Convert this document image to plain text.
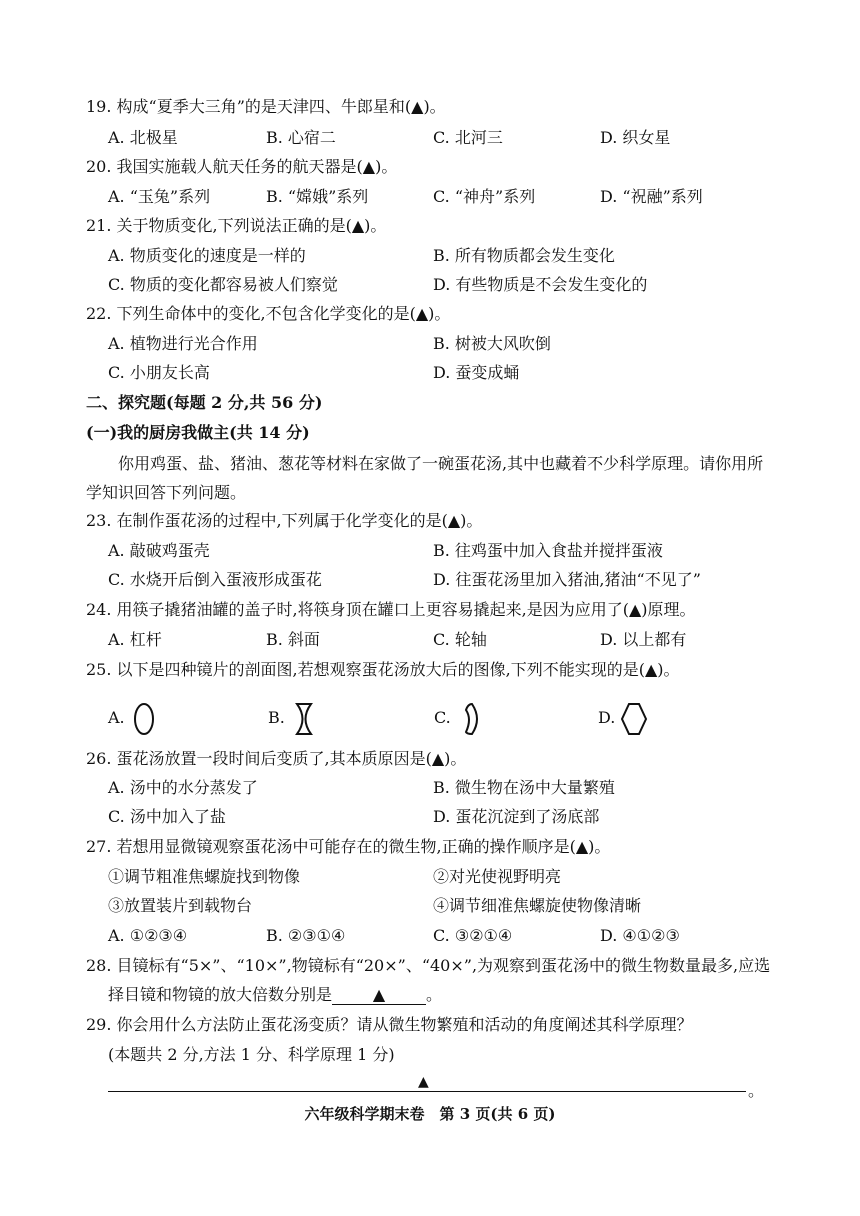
19. 构成“夏季大三角”的是天津四、牛郎星和(▲)。
A. 北极星	B. 心宿二	C. 北河三	D. 织女星
20. 我国实施载人航天任务的航天器是(▲)。
A. “玉兔”系列	B. “嫦娥”系列	C. “神舟”系列	D. “祝融”系列
21. 关于物质变化,下列说法正确的是(▲)。
A. 物质变化的速度是一样的	B. 所有物质都会发生变化
C. 物质的变化都容易被人们察觉	D. 有些物质是不会发生变化的
22. 下列生命体中的变化,不包含化学变化的是(▲)。
A. 植物进行光合作用	B. 树被大风吹倒
C. 小朋友长高	D. 蚕变成蛹
二、探究题(每题 2 分,共 56 分)
(一)我的厨房我做主(共 14 分)
你用鸡蛋、盐、猪油、葱花等材料在家做了一碗蛋花汤,其中也藏着不少科学原理。请你用所学知识回答下列问题。
23. 在制作蛋花汤的过程中,下列属于化学变化的是(▲)。
A. 敲破鸡蛋壳	B. 往鸡蛋中加入食盐并搅拌蛋液
C. 水烧开后倒入蛋液形成蛋花	D. 往蛋花汤里加入猪油,猪油“不见了”
24. 用筷子撬猪油罐的盖子时,将筷身顶在罐口上更容易撬起来,是因为应用了(▲)原理。
A. 杠杆	B. 斜面	C. 轮轴	D. 以上都有
25. 以下是四种镜片的剖面图,若想观察蛋花汤放大后的图像,下列不能实现的是(▲)。
A.	B.	C.	D.
26. 蛋花汤放置一段时间后变质了,其本质原因是(▲)。
A. 汤中的水分蒸发了	B. 微生物在汤中大量繁殖
C. 汤中加入了盐	D. 蛋花沉淀到了汤底部
27. 若想用显微镜观察蛋花汤中可能存在的微生物,正确的操作顺序是(▲)。
①调节粗准焦螺旋找到物像	②对光使视野明亮
③放置装片到载物台	④调节细准焦螺旋使物像清晰
A. ①②③④	B. ②③①④	C. ③②①④	D. ④①②③
28. 目镜标有“5×”、“10×”,物镜标有“20×”、“40×”,为观察到蛋花汤中的微生物数量最多,应选
择目镜和物镜的放大倍数分别是	▲	。
29. 你会用什么方法防止蛋花汤变质？请从微生物繁殖和活动的角度阐述其科学原理？
(本题共 2 分,方法 1 分、科学原理 1 分)
▲	。
六年级科学期末卷　第 3 页(共 6 页)
